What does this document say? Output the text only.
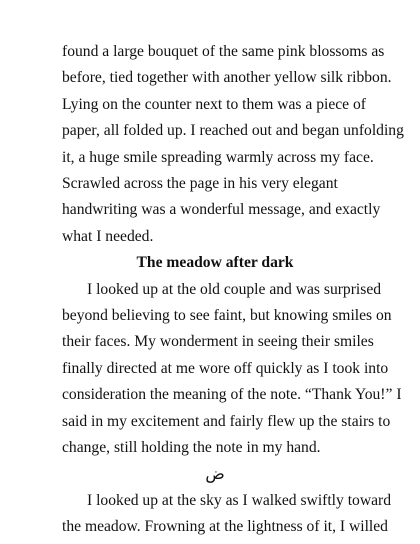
found a large bouquet of the same pink blossoms as
before, tied together with another yellow silk ribbon.
Lying on the counter next to them was a piece of
paper, all folded up. I reached out and began unfolding
it, a huge smile spreading warmly across my face.
Scrawled across the page in his very elegant
handwriting was a wonderful message, and exactly
what I needed.
The meadow after dark
I looked up at the old couple and was surprised
beyond believing to see faint, but knowing smiles on
their faces. My wonderment in seeing their smiles
finally directed at me wore off quickly as I took into
consideration the meaning of the note. “Thank You!” I
said in my excitement and fairly flew up the stairs to
change, still holding the note in my hand.
ض
I looked up at the sky as I walked swiftly toward
the meadow. Frowning at the lightness of it, I willed
